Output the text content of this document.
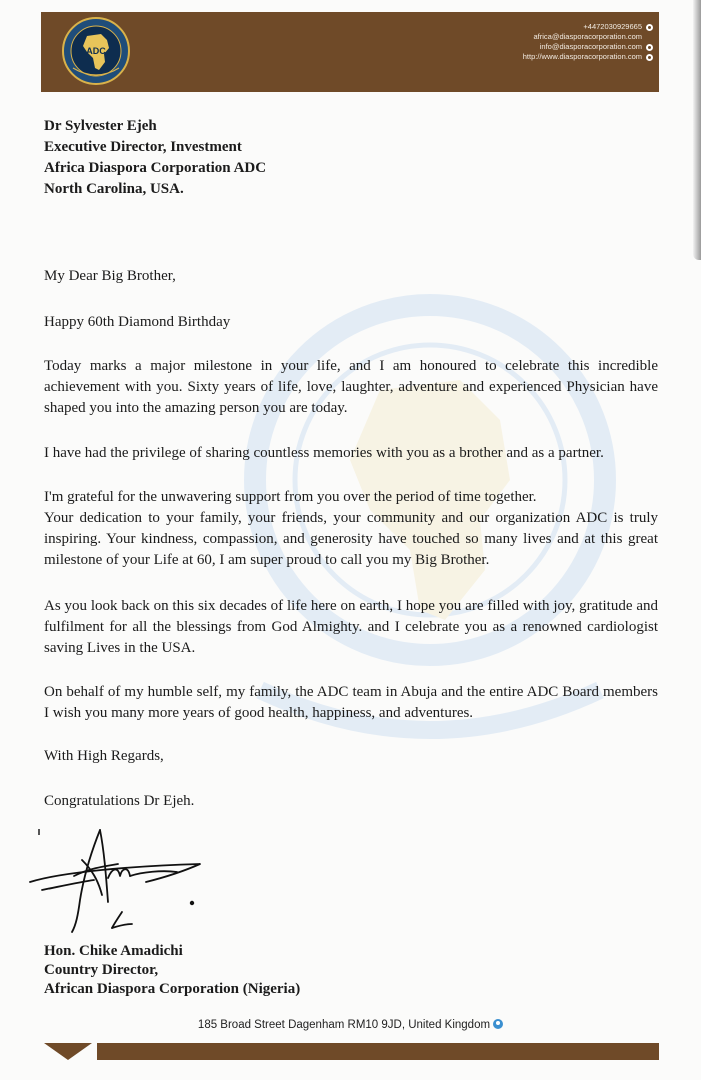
ADC
+4472030929665
africa@diasporacorporation.com
info@diasporacorporation.com
http://www.diasporacorporation.com
Dr Sylvester Ejeh
Executive Director, Investment
Africa Diaspora Corporation ADC
North Carolina, USA.

My Dear Big Brother,

Happy 60th Diamond Birthday

Today marks a major milestone in your life, and I am honoured to celebrate this incredible achievement with you. Sixty years of life, love, laughter, adventure and experienced Physician have shaped you into the amazing person you are today.

I have had the privilege of sharing countless memories with you as a brother and as a partner.

I'm grateful for the unwavering support from you over the period of time together.
Your dedication to your family, your friends, your community and our organization ADC is truly inspiring. Your kindness, compassion, and generosity have touched so many lives and at this great milestone of your Life at 60, I am super proud to call you my Big Brother.

As you look back on this six decades of life here on earth, I hope you are filled with joy, gratitude and fulfilment for all the blessings from God Almighty. and I celebrate you as a renowned cardiologist saving Lives in the USA.

On behalf of my humble self, my family, the ADC team in Abuja and the entire ADC Board members I wish you many more years of good health, happiness, and adventures.

With High Regards,

Congratulations Dr Ejeh.

Hon. Chike Amadichi
Country Director,
African Diaspora Corporation (Nigeria)
185 Broad Street Dagenham RM10 9JD, United Kingdom
